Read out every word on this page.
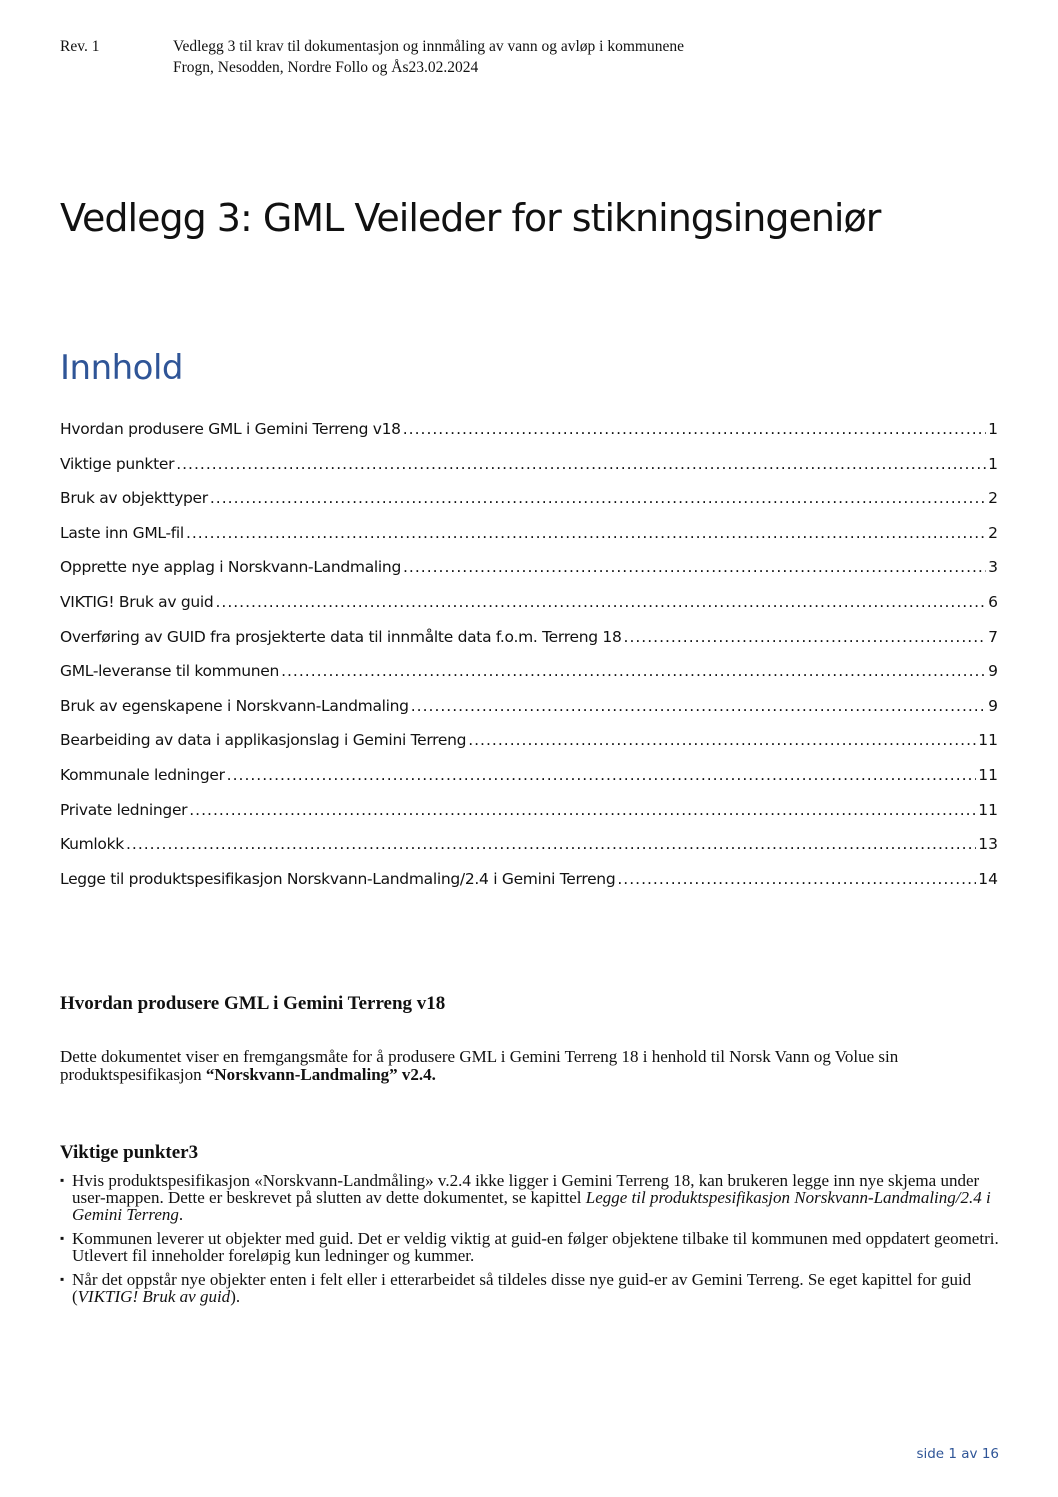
Rev. 1	Vedlegg 3 til krav til dokumentasjon og innmåling av vann og avløp i kommunene
Frogn, Nesodden, Nordre Follo og Ås23.02.2024
Vedlegg 3: GML Veileder for stikningsingeniør
Innhold
Hvordan produsere GML i Gemini Terreng v18 .....	1
Viktige punkter .....	1
Bruk av objekttyper .....	2
Laste inn GML-fil .....	2
Opprette nye applag i Norskvann-Landmaling .....	3
VIKTIG! Bruk av guid .....	6
Overføring av GUID fra prosjekterte data til innmålte data f.o.m. Terreng 18 .....	7
GML-leveranse til kommunen .....	9
Bruk av egenskapene i Norskvann-Landmaling .....	9
Bearbeiding av data i applikasjonslag i Gemini Terreng .....	11
Kommunale ledninger .....	11
Private ledninger .....	11
Kumlokk .....	13
Legge til produktspesifikasjon Norskvann-Landmaling/2.4 i Gemini Terreng .....	14
Hvordan produsere GML i Gemini Terreng v18

Dette dokumentet viser en fremgangsmåte for å produsere GML i Gemini Terreng 18 i henhold til Norsk Vann og Volue sin produktspesifikasjon “Norskvann-Landmaling” v2.4.

Viktige punkter3
▪ Hvis produktspesifikasjon «Norskvann-Landmåling» v.2.4 ikke ligger i Gemini Terreng 18, kan brukeren legge inn nye skjema under user-mappen. Dette er beskrevet på slutten av dette dokumentet, se kapittel Legge til produktspesifikasjon Norskvann-Landmaling/2.4 i Gemini Terreng.
▪ Kommunen leverer ut objekter med guid. Det er veldig viktig at guid-en følger objektene tilbake til kommunen med oppdatert geometri. Utlevert fil inneholder foreløpig kun ledninger og kummer.
▪ Når det oppstår nye objekter enten i felt eller i etterarbeidet så tildeles disse nye guid-er av Gemini Terreng. Se eget kapittel for guid (VIKTIG! Bruk av guid).
side 1 av 16
